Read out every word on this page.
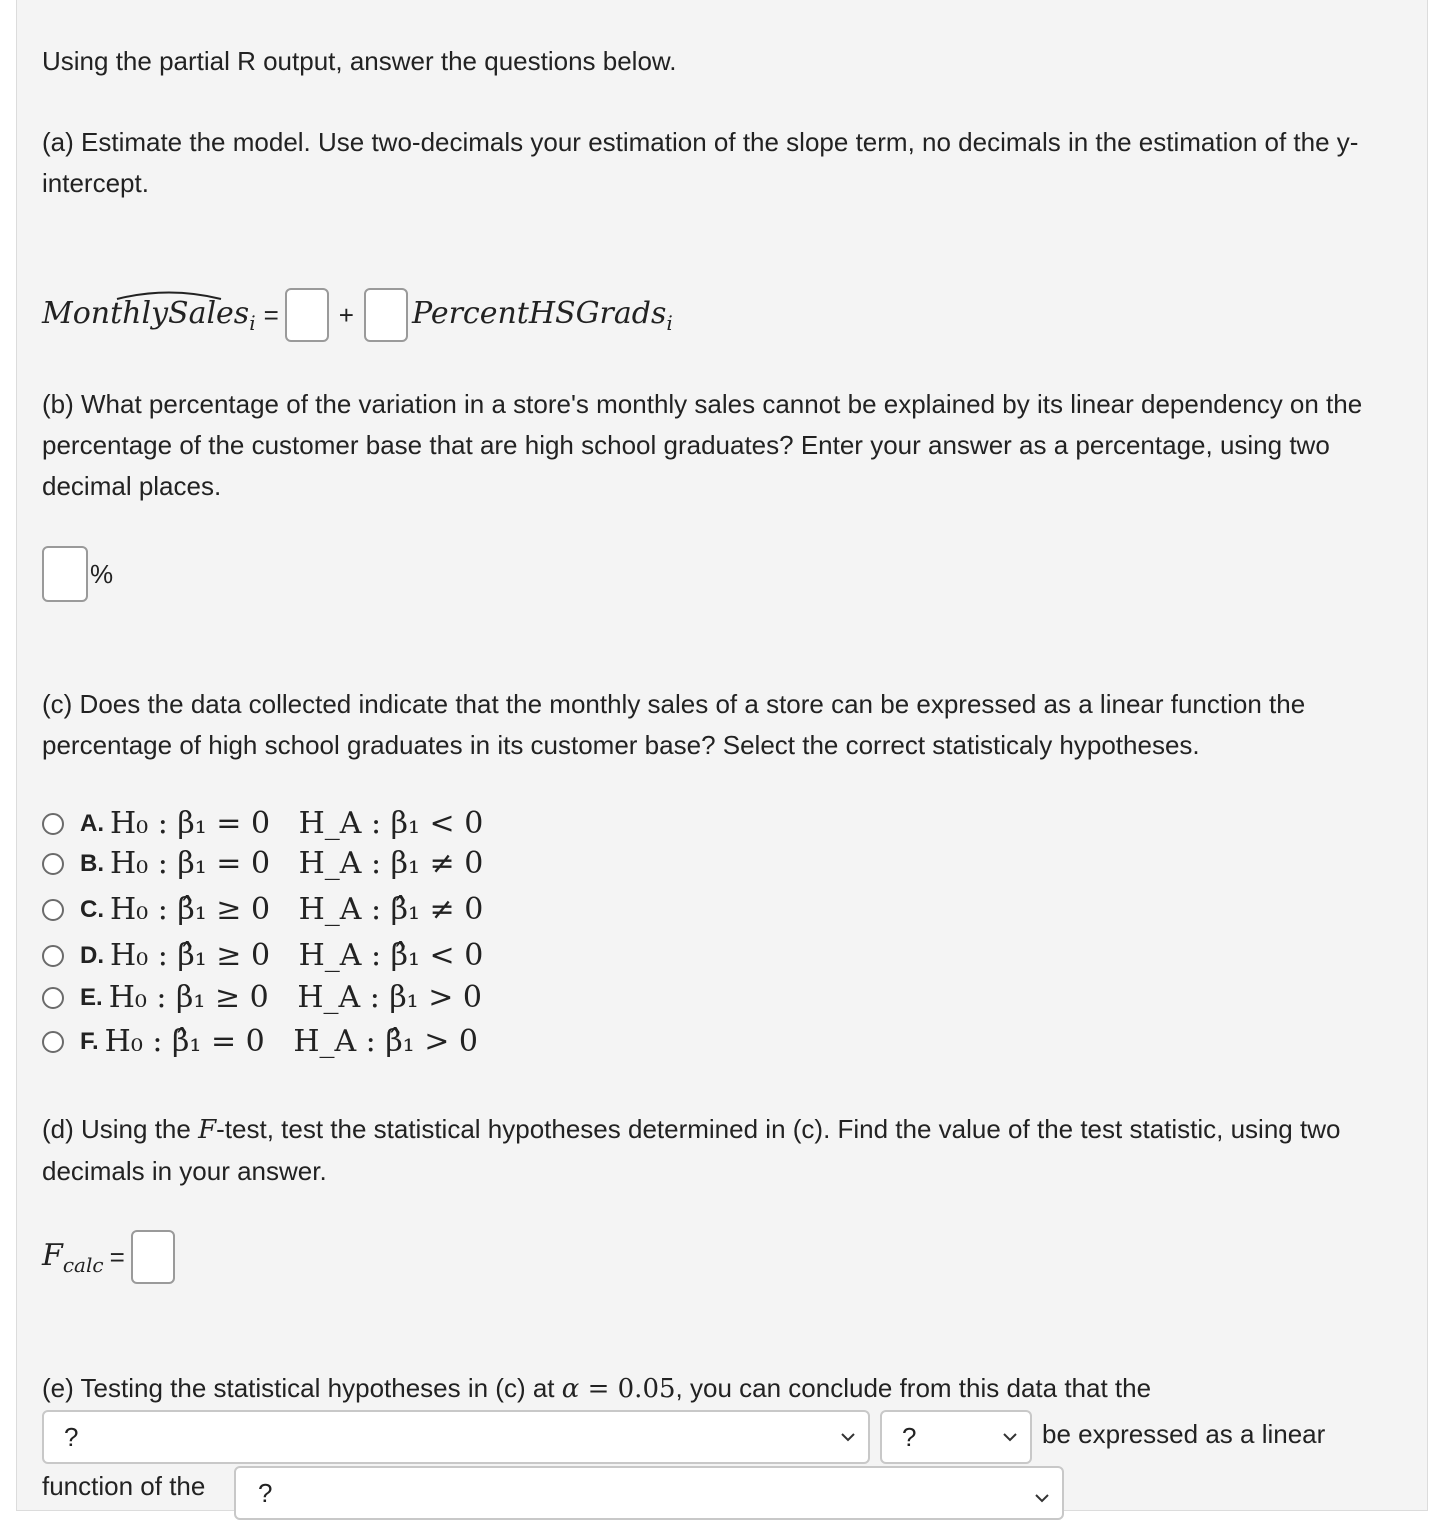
Using the partial R output, answer the questions below.

(a) Estimate the model. Use two-decimals your estimation of the slope term, no decimals in the estimation of the y-intercept.

MonthlySales$_i$ = + PercentHSGrads$_i$

(b) What percentage of the variation in a store's monthly sales cannot be explained by its linear dependency on the percentage of the customer base that are high school graduates? Enter your answer as a percentage, using two decimal places.

%

(c) Does the data collected indicate that the monthly sales of a store can be expressed as a linear function the percentage of high school graduates in its customer base? Select the correct statisticaly hypotheses.

A. H₀ : β₁ = 0   H_A : β₁ < 0
B. H₀ : β₁ = 0   H_A : β₁ ≠ 0
C. H₀ : β̂₁ ≥ 0   H_A : β̂₁ ≠ 0
D. H₀ : β̂₁ ≥ 0   H_A : β̂₁ < 0
E. H₀ : β₁ ≥ 0   H_A : β₁ > 0
F. H₀ : β̂₁ = 0   H_A : β̂₁ > 0

(d) Using the F-test, test the statistical hypotheses determined in (c). Find the value of the test statistic, using two decimals in your answer.

$F_{calc}$ =

(e) Testing the statistical hypotheses in (c) at α = 0.05, you can conclude from this data that the

?	?	be expressed as a linear

function of the ?
